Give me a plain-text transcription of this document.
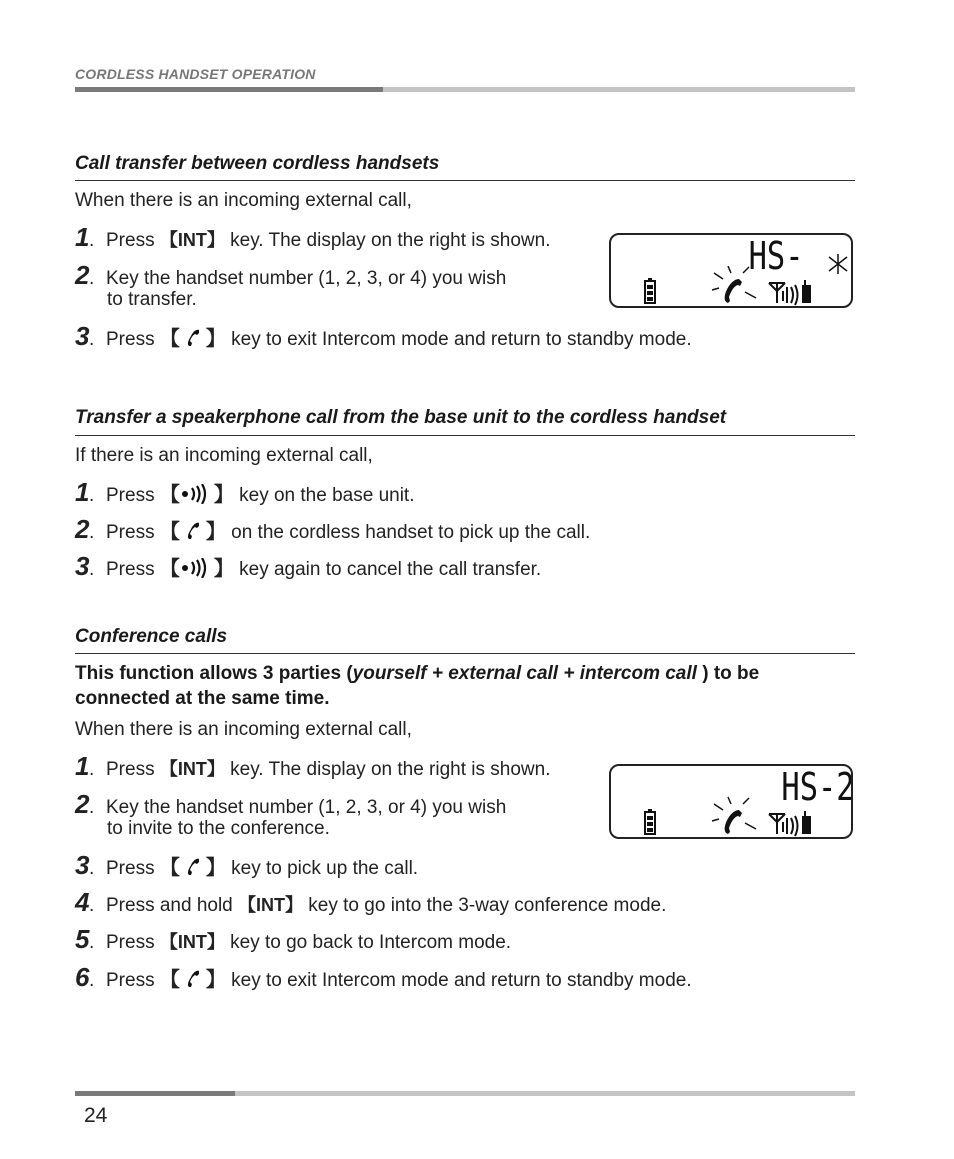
CORDLESS HANDSET OPERATION
Call transfer between cordless handsets
When there is an incoming external call,
1. Press 【INT】 key. The display on the right is shown.
2. Key the handset number (1, 2, 3, or 4) you wish
to transfer.
3. Press 【 】 key to exit Intercom mode and return to standby mode.
HS-
Transfer a speakerphone call from the base unit to the cordless handset
If there is an incoming external call,
1. Press 【 】 key on the base unit.
2. Press 【 】 on the cordless handset to pick up the call.
3. Press 【 】 key again to cancel the call transfer.
Conference calls
This function allows 3 parties (yourself + external call + intercom call ) to be
connected at the same time.
When there is an incoming external call,
1. Press 【INT】 key. The display on the right is shown.
2. Key the handset number (1, 2, 3, or 4) you wish
to invite to the conference.
3. Press 【 】 key to pick up the call.
4. Press and hold 【INT】 key to go into the 3-way conference mode.
5. Press 【INT】 key to go back to Intercom mode.
6. Press 【 】 key to exit Intercom mode and return to standby mode.
HS-2
24
